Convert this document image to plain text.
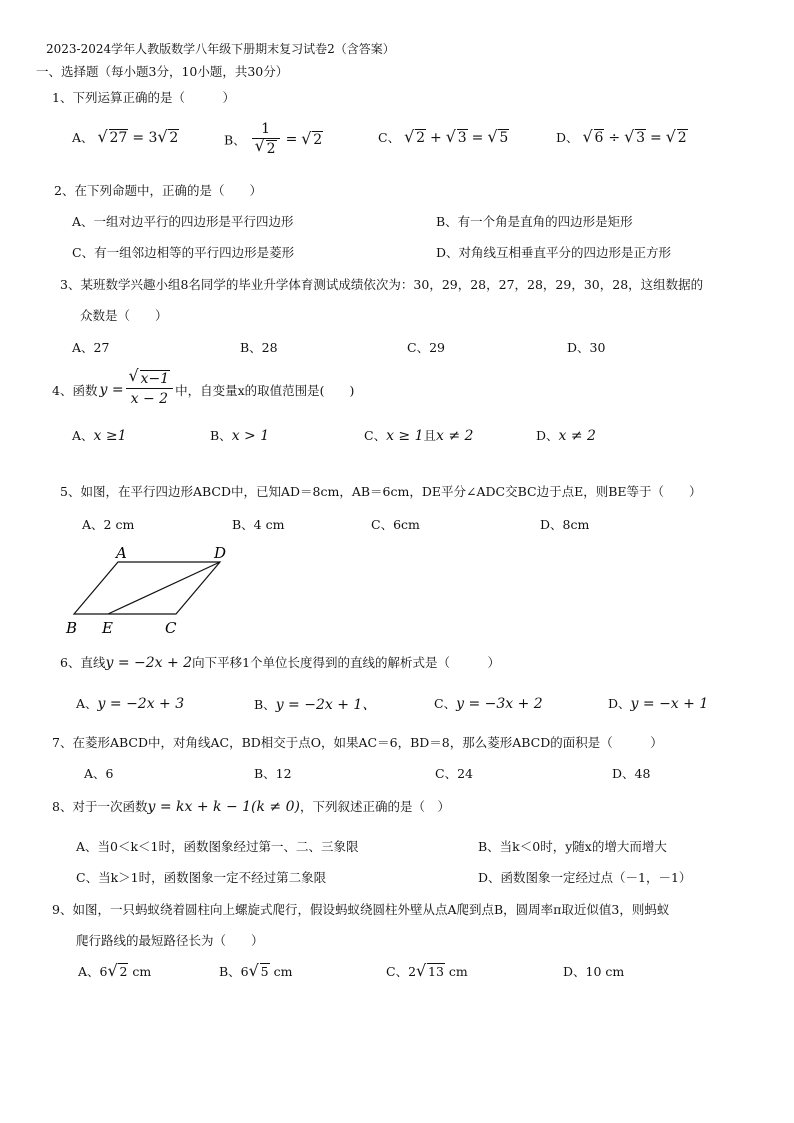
2023-2024学年人教版数学八年级下册期末复习试卷2（含答案）
一、选择题（每小题3分，10小题，共30分）
1、下列运算正确的是（　　　）
A、 √ 27 = 3 √ 2	B、 1
√ 2 = √ 2	C、 √ 2 + √ 3 = √ 5	D、 √ 6 ÷ √ 3 = √ 2
2、在下列命题中，正确的是（　　）
A、一组对边平行的四边形是平行四边形	B、有一个角是直角的四边形是矩形
C、有一组邻边相等的平行四边形是菱形	D、对角线互相垂直平分的四边形是正方形
3、某班数学兴趣小组8名同学的毕业升学体育测试成绩依次为：30，29，28，27，28，29，30，28，这组数据的
众数是（　　）
A、27	B、28	C、29	D、30
4、函数 y = √ $\frac{x-1}{x - 2}$ 中，自变量x的取值范围是(　　)
A、x ≥1	B、x > 1	C、x ≥ 1且x ≠ 2	D、x ≠ 2
5、如图，在平行四边形ABCD中，已知AD＝8cm，AB＝6cm，DE平分∠ADC交BC边于点E，则BE等于（　　）
A、2 cm	B、4 cm	C、6cm	D、8cm
A	D
B E	C
6、直线y = −2x + 2向下平移1个单位长度得到的直线的解析式是（　　　）
A、y = −2x + 3	B、y = −2x + 1、	C、y = −3x + 2	D、y = −x + 1
7、在菱形ABCD中，对角线AC，BD相交于点O，如果AC＝6，BD＝8，那么菱形ABCD的面积是（　　　）
A、6	B、12	C、24	D、48
8、对于一次函数y = kx + k − 1(k ≠ 0)，下列叙述正确的是（　）
A、当0＜k＜1时，函数图象经过第一、二、三象限	B、当k＜0时，y随x的增大而增大
C、当k＞1时，函数图象一定不经过第二象限	D、函数图象一定经过点（－1，－1）
9、如图，一只蚂蚁绕着圆柱向上螺旋式爬行，假设蚂蚁绕圆柱外壁从点A爬到点B，圆周率π取近似值3，则蚂蚁
爬行路线的最短路径长为（　　）
A、6 √ 2 cm	B、6 √ 5 cm	C、2 √ 13 cm	D、10 cm
